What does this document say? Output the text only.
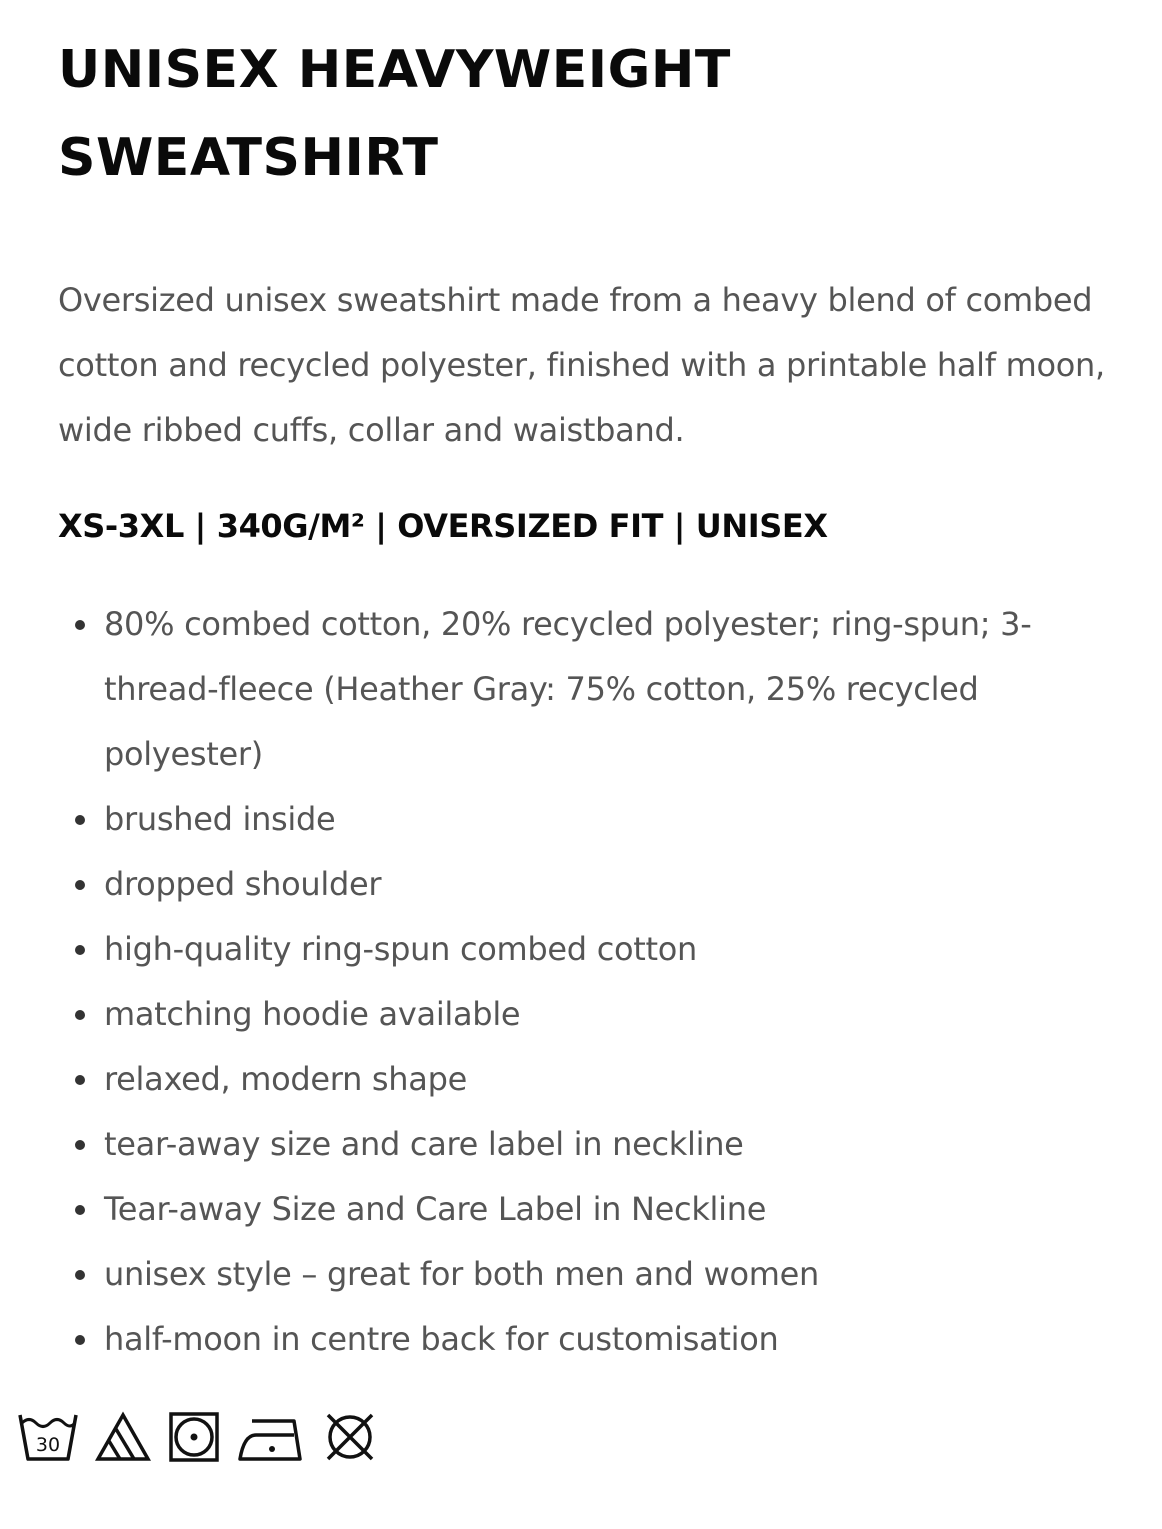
UNISEX HEAVYWEIGHT
SWEATSHIRT

Oversized unisex sweatshirt made from a heavy blend of combed
cotton and recycled polyester, finished with a printable half moon,
wide ribbed cuffs, collar and waistband.

XS-3XL | 340G/M² | OVERSIZED FIT | UNISEX

80% combed cotton, 20% recycled polyester; ring-spun; 3-
thread-fleece (Heather Gray: 75% cotton, 25% recycled
polyester)
brushed inside
dropped shoulder
high-quality ring-spun combed cotton
matching hoodie available
relaxed, modern shape
tear-away size and care label in neckline
Tear-away Size and Care Label in Neckline
unisex style – great for both men and women
half-moon in centre back for customisation
30
